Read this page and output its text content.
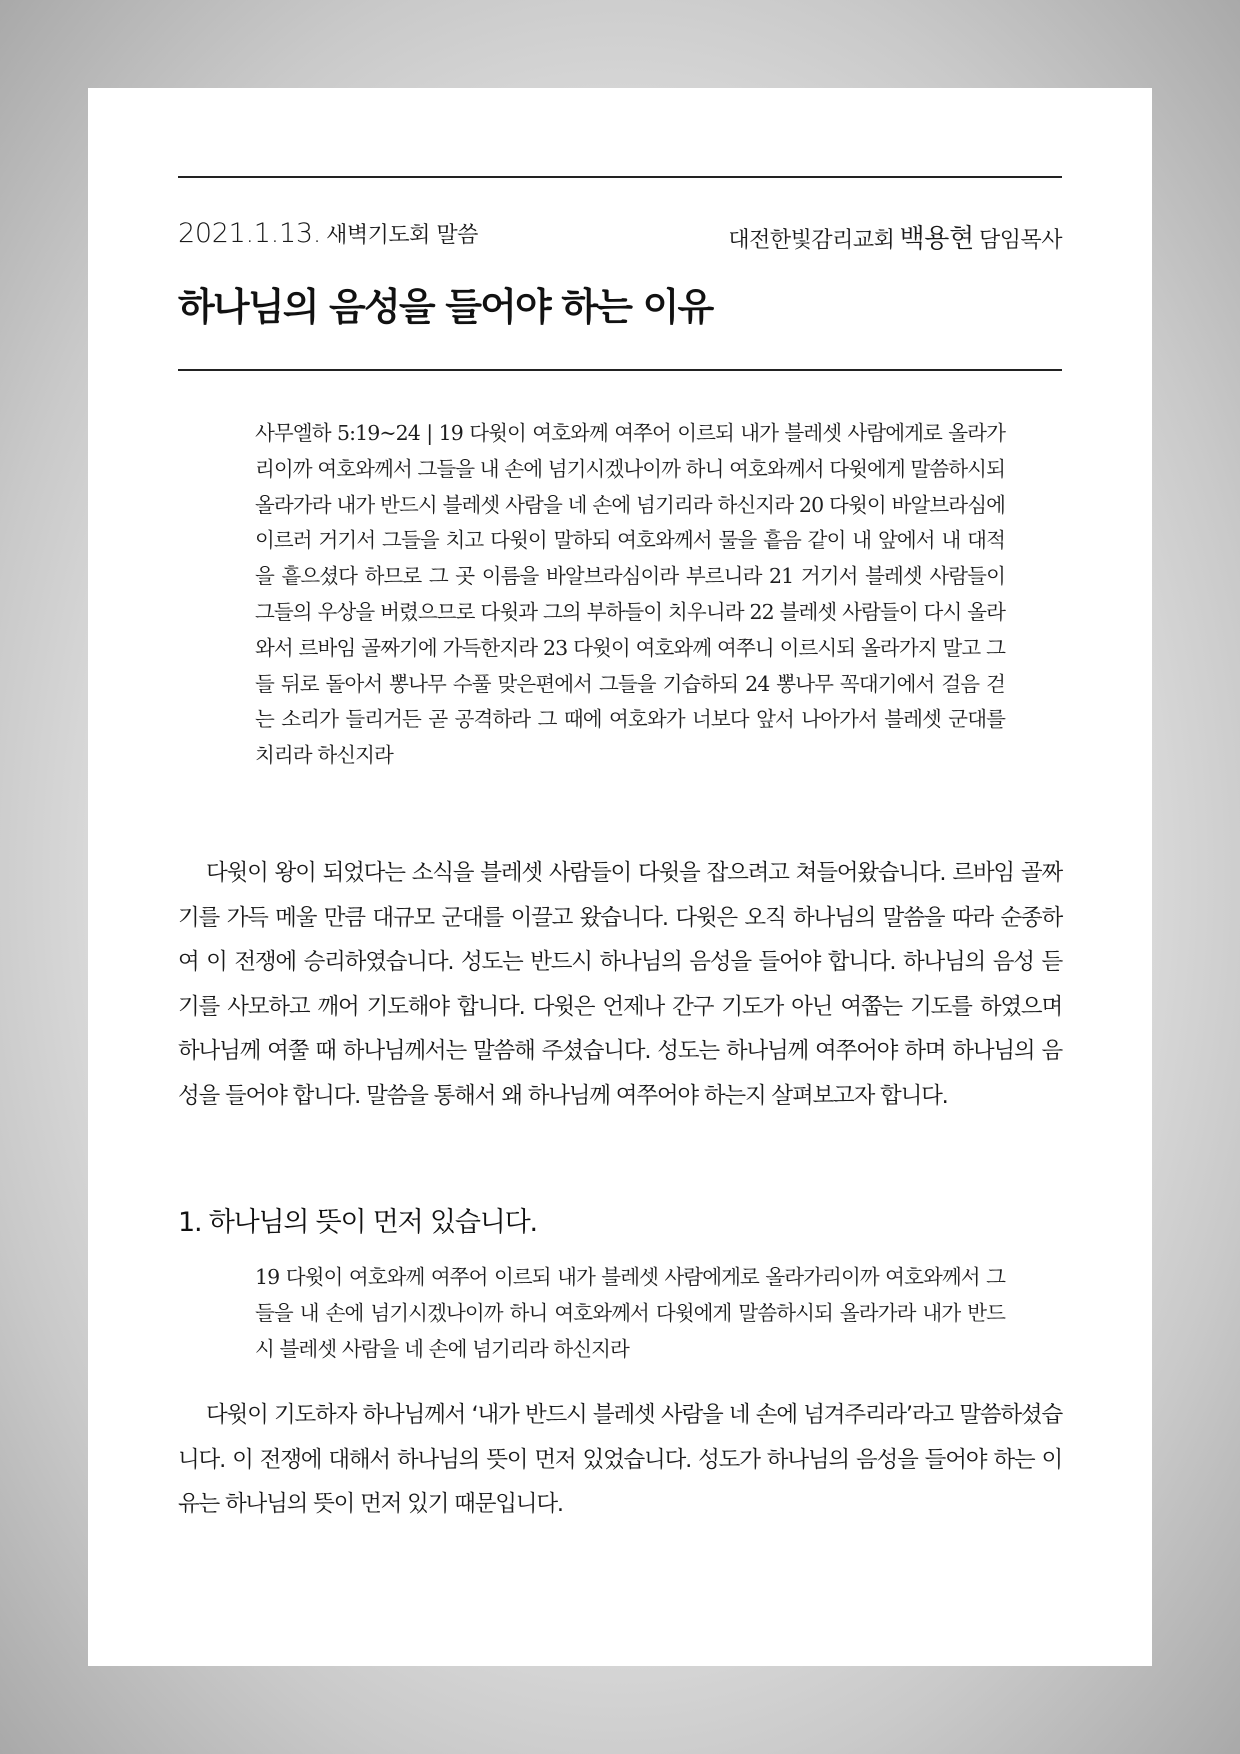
2021.1.13. 새벽기도회 말씀	대전한빛감리교회 백용현 담임목사
하나님의 음성을 들어야 하는 이유

사무엘하 5:19~24 | 19 다윗이 여호와께 여쭈어 이르되 내가 블레셋 사람에게로 올라가리이까 여호와께서 그들을 내 손에 넘기시겠나이까 하니 여호와께서 다윗에게 말씀하시되 올라가라 내가 반드시 블레셋 사람을 네 손에 넘기리라 하신지라 20 다윗이 바알브라심에 이르러 거기서 그들을 치고 다윗이 말하되 여호와께서 물을 흩음 같이 내 앞에서 내 대적을 흩으셨다 하므로 그 곳 이름을 바알브라심이라 부르니라 21 거기서 블레셋 사람들이 그들의 우상을 버렸으므로 다윗과 그의 부하들이 치우니라 22 블레셋 사람들이 다시 올라와서 르바임 골짜기에 가득한지라 23 다윗이 여호와께 여쭈니 이르시되 올라가지 말고 그들 뒤로 돌아서 뽕나무 수풀 맞은편에서 그들을 기습하되 24 뽕나무 꼭대기에서 걸음 걷는 소리가 들리거든 곧 공격하라 그 때에 여호와가 너보다 앞서 나아가서 블레셋 군대를 치리라 하신지라

다윗이 왕이 되었다는 소식을 블레셋 사람들이 다윗을 잡으려고 쳐들어왔습니다. 르바임 골짜기를 가득 메울 만큼 대규모 군대를 이끌고 왔습니다. 다윗은 오직 하나님의 말씀을 따라 순종하여 이 전쟁에 승리하였습니다. 성도는 반드시 하나님의 음성을 들어야 합니다. 하나님의 음성 듣기를 사모하고 깨어 기도해야 합니다. 다윗은 언제나 간구 기도가 아닌 여쭙는 기도를 하였으며 하나님께 여쭐 때 하나님께서는 말씀해 주셨습니다. 성도는 하나님께 여쭈어야 하며 하나님의 음성을 들어야 합니다. 말씀을 통해서 왜 하나님께 여쭈어야 하는지 살펴보고자 합니다.

1. 하나님의 뜻이 먼저 있습니다.

19 다윗이 여호와께 여쭈어 이르되 내가 블레셋 사람에게로 올라가리이까 여호와께서 그들을 내 손에 넘기시겠나이까 하니 여호와께서 다윗에게 말씀하시되 올라가라 내가 반드시 블레셋 사람을 네 손에 넘기리라 하신지라

다윗이 기도하자 하나님께서 ‘내가 반드시 블레셋 사람을 네 손에 넘겨주리라’라고 말씀하셨습니다. 이 전쟁에 대해서 하나님의 뜻이 먼저 있었습니다. 성도가 하나님의 음성을 들어야 하는 이유는 하나님의 뜻이 먼저 있기 때문입니다.
